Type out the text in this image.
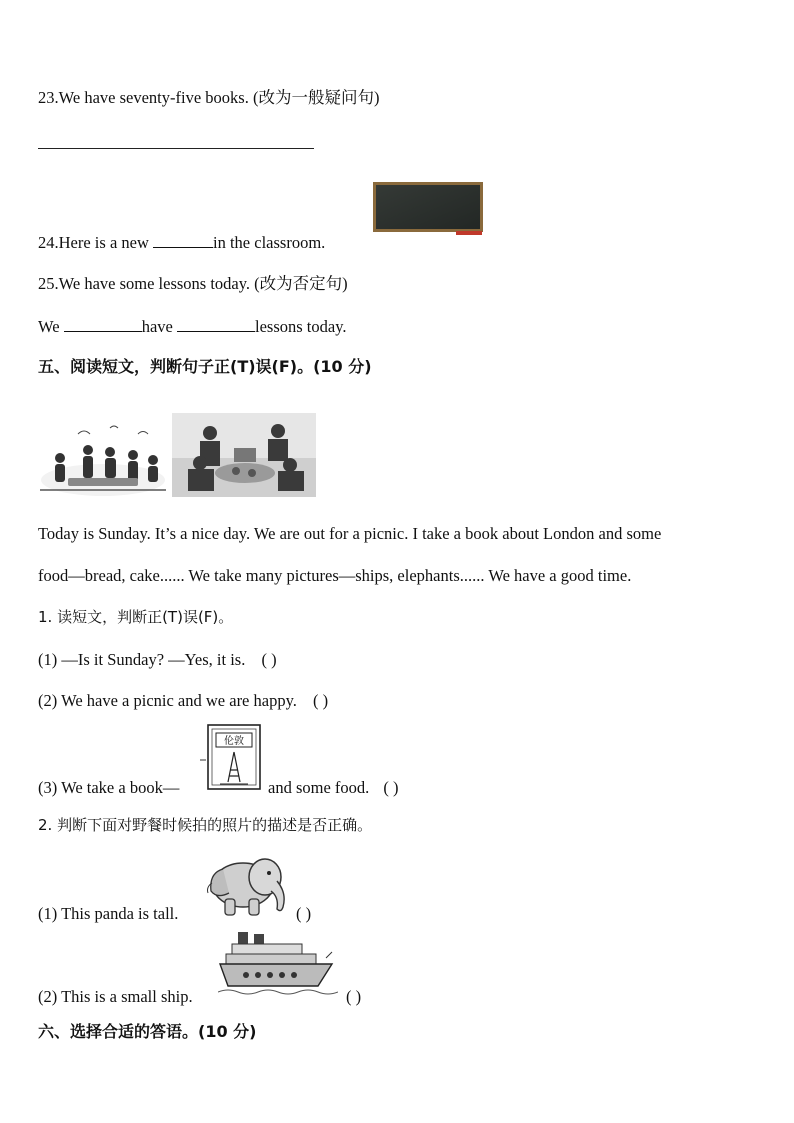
23.We have seventy-five books. (改为一般疑问句)
24.Here is a new	in the classroom.
25.We have some lessons today. (改为否定句)
We	have	lessons today.
五、阅读短文，判断句子正(T)误(F)。(10 分)
Today is Sunday. It’s a nice day. We are out for a picnic. I take a book about London and some
food—bread, cake...... We take many pictures—ships, elephants...... We have a good time.
1. 读短文，判断正(T)误(F)。
(1) —Is it Sunday? —Yes, it is. ( )
(2) We have a picnic and we are happy. ( )
伦敦
(3) We take a book—	and some food. ( )
2. 判断下面对野餐时候拍的照片的描述是否正确。
(1) This panda is tall.	( )
(2) This is a small ship.	( )
六、选择合适的答语。(10 分)
